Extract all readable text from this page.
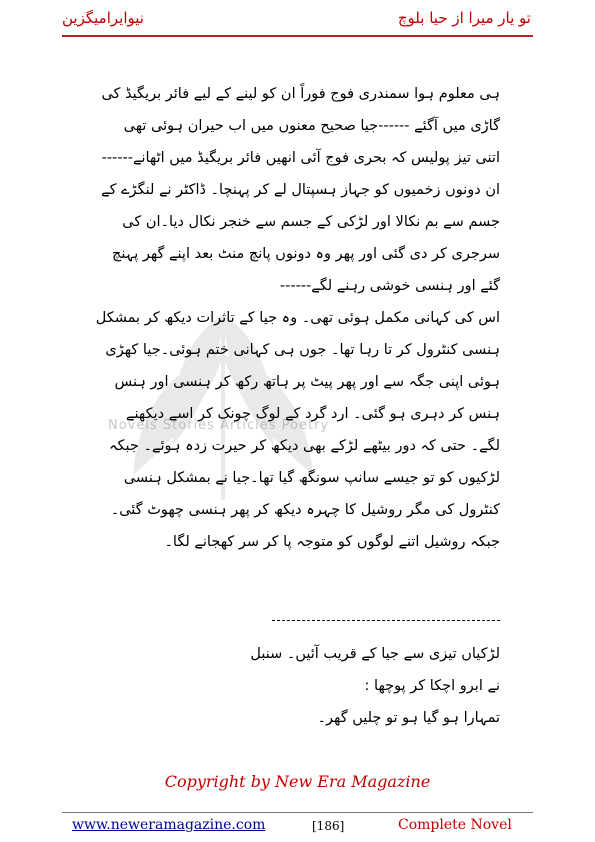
نیوایرامیگزین	تو یار میرا از حیا بلوچ
Novels Stories Articles Poetry

ہی معلوم ہوا سمندری فوج فوراً ان کو لینے کے لیے فائر بریگیڈ کی گاڑی میں آگئے ------جیا صحیح معنوں میں اب حیران ہوئی تھی اتنی تیز پولیس کہ بحری فوج آئی انھیں فائر بریگیڈ میں اٹھانے------ان دونوں زخمیوں کو جہاز ہسپتال لے کر پہنچا۔ ڈاکٹر نے لنگڑے کے جسم سے بم نکالا اور لڑکی کے جسم سے خنجر نکال دیا۔ان کی سرجری کر دی گئی اور پھر وہ دونوں پانچ منٹ بعد اپنے گھر پہنچ گئے اور ہنسی خوشی رہنے لگے------

اس کی کہانی مکمل ہوئی تھی۔ وہ جیا کے تاثرات دیکھ کر بمشکل ہنسی کنٹرول کر تا رہا تھا۔ جوں ہی کہانی ختم ہوئی۔جیا کھڑی ہوئی اپنی جگہ سے اور پھر پیٹ پر ہاتھ رکھ کر ہنسی اور ہنس ہنس کر دہری ہو گئی۔ ارد گرد کے لوگ چونک کر اسے دیکھنے لگے۔ حتی کہ دور بیٹھے لڑکے بھی دیکھ کر حیرت زدہ ہوئے۔ جبکہ لڑکیوں کو تو جیسے سانپ سونگھ گیا تھا۔جیا نے بمشکل ہنسی کنٹرول کی مگر روشیل کا چہرہ دیکھ کر پھر ہنسی چھوٹ گئی۔ جبکہ روشیل اتنے لوگوں کو متوجہ پا کر سر کھجانے لگا۔

لڑکیاں تیزی سے جیا کے قریب آئیں۔ سنبل نے ابرو اچکا کر پوچھا :

تمہارا ہو گیا ہو تو چلیں گھر۔

Copyright by New Era Magazine
www.neweramagazine.com	[186]	Complete Novel
